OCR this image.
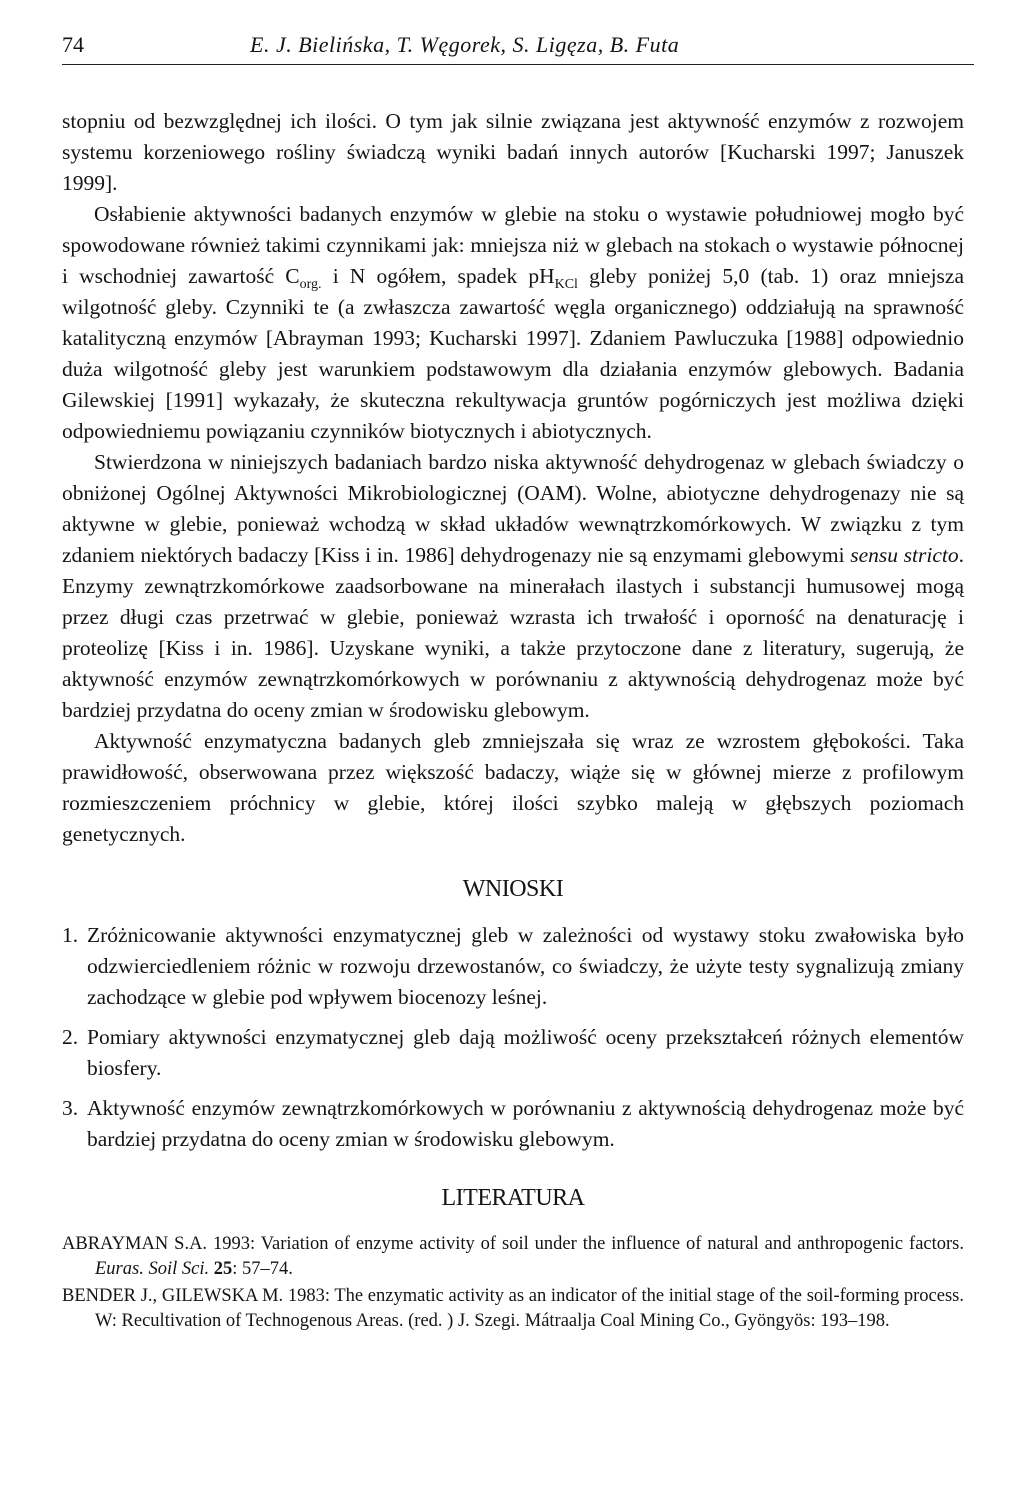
74	E. J. Bielińska, T. Węgorek, S. Ligęza, B. Futa

stopniu od bezwzględnej ich ilości. O tym jak silnie związana jest aktywność enzymów z rozwojem systemu korzeniowego rośliny świadczą wyniki badań innych autorów [Kucharski 1997; Januszek 1999].

Osłabienie aktywności badanych enzymów w glebie na stoku o wystawie południowej mogło być spowodowane również takimi czynnikami jak: mniejsza niż w glebach na stokach o wystawie północnej i wschodniej zawartość $C_{org.}$ i N ogółem, spadek $pH_{KCl}$ gleby poniżej 5,0 (tab. 1) oraz mniejsza wilgotność gleby. Czynniki te (a zwłaszcza zawartość węgla organicznego) oddziałują na sprawność katalityczną enzymów [Abrayman 1993; Kucharski 1997]. Zdaniem Pawluczuka [1988] odpowiednio duża wilgotność gleby jest warunkiem podstawowym dla działania enzymów glebowych. Badania Gilewskiej [1991] wykazały, że skuteczna rekultywacja gruntów pogórniczych jest możliwa dzięki odpowiedniemu powiązaniu czynników biotycznych i abiotycznych.

Stwierdzona w niniejszych badaniach bardzo niska aktywność dehydrogenaz w glebach świadczy o obniżonej Ogólnej Aktywności Mikrobiologicznej (OAM). Wolne, abiotyczne dehydrogenazy nie są aktywne w glebie, ponieważ wchodzą w skład układów wewnątrzkomórkowych. W związku z tym zdaniem niektórych badaczy [Kiss i in. 1986] dehydrogenazy nie są enzymami glebowymi sensu stricto. Enzymy zewnątrzkomórkowe zaadsorbowane na minerałach ilastych i substancji humusowej mogą przez długi czas przetrwać w glebie, ponieważ wzrasta ich trwałość i oporność na denaturację i proteolizę [Kiss i in. 1986]. Uzyskane wyniki, a także przytoczone dane z literatury, sugerują, że aktywność enzymów zewnątrzkomórkowych w porównaniu z aktywnością dehydrogenaz może być bardziej przydatna do oceny zmian w środowisku glebowym.

Aktywność enzymatyczna badanych gleb zmniejszała się wraz ze wzrostem głębokości. Taka prawidłowość, obserwowana przez większość badaczy, wiąże się w głównej mierze z profilowym rozmieszczeniem próchnicy w glebie, której ilości szybko maleją w głębszych poziomach genetycznych.

WNIOSKI
1. Zróżnicowanie aktywności enzymatycznej gleb w zależności od wystawy stoku zwałowiska było odzwierciedleniem różnic w rozwoju drzewostanów, co świadczy, że użyte testy sygnalizują zmiany zachodzące w glebie pod wpływem biocenozy leśnej.
2. Pomiary aktywności enzymatycznej gleb dają możliwość oceny przekształceń różnych elementów biosfery.
3. Aktywność enzymów zewnątrzkomórkowych w porównaniu z aktywnością dehydrogenaz może być bardziej przydatna do oceny zmian w środowisku glebowym.
LITERATURA

ABRAYMAN S.A. 1993: Variation of enzyme activity of soil under the influence of natural and anthropogenic factors. Euras. Soil Sci. 25: 57–74.

BENDER J., GILEWSKA M. 1983: The enzymatic activity as an indicator of the initial stage of the soil-forming process. W: Recultivation of Technogenous Areas. (red. ) J. Szegi. Mátraalja Coal Mining Co., Gyöngyös: 193–198.
